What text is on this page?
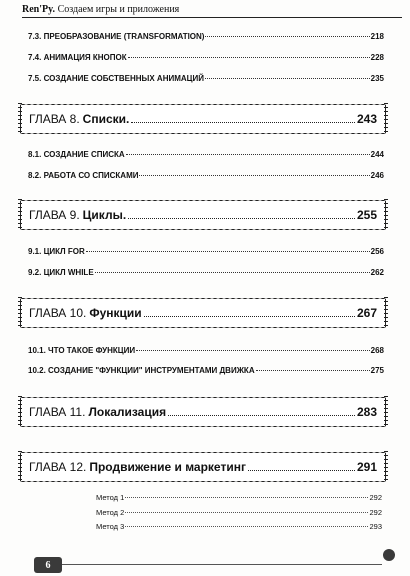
Ren'Py. Создаем игры и приложения
7.3. ПРЕОБРАЗОВАНИЕ (TRANSFORMATION)	218
7.4. АНИМАЦИЯ КНОПОК	228
7.5. СОЗДАНИЕ СОБСТВЕННЫХ АНИМАЦИЙ	235
ГЛАВА 8. Списки.	243
8.1. СОЗДАНИЕ СПИСКА	244
8.2. РАБОТА СО СПИСКАМИ	246
ГЛАВА 9. Циклы.	255
9.1. ЦИКЛ FOR	256
9.2. ЦИКЛ WHILE	262
ГЛАВА 10. Функции	267
10.1. ЧТО ТАКОЕ ФУНКЦИИ	268
10.2. СОЗДАНИЕ "ФУНКЦИИ" ИНСТРУМЕНТАМИ ДВИЖКА	275
ГЛАВА 11. Локализация	283
ГЛАВА 12. Продвижение и маркетинг	291
Метод 1	292
Метод 2	292
Метод 3	293
6
